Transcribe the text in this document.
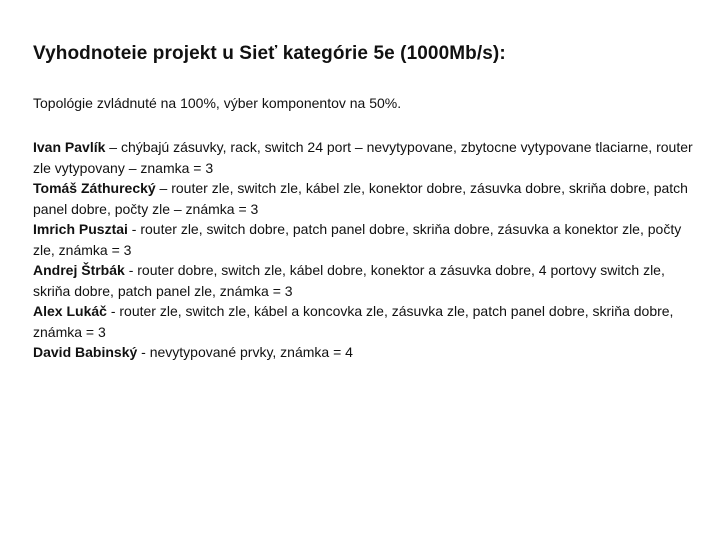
Vyhodnoteie projekt u Sieť kategórie 5e (1000Mb/s):
Topológie zvládnuté na 100%, výber komponentov na 50%.

Ivan Pavlík – chýbajú zásuvky, rack, switch 24 port – nevytypovane, zbytocne vytypovane tlaciarne, router zle vytypovany – znamka = 3

Tomáš Záthurecký – router zle, switch zle, kábel zle, konektor dobre, zásuvka dobre, skriňa dobre, patch panel dobre, počty zle – známka = 3

Imrich Pusztai - router zle, switch dobre, patch panel dobre, skriňa dobre, zásuvka a konektor zle, počty zle, známka = 3

Andrej Štrbák - router dobre, switch zle, kábel dobre, konektor a zásuvka dobre, 4 portovy switch zle, skriňa dobre, patch panel zle, známka = 3

Alex Lukáč - router zle, switch zle, kábel a koncovka zle, zásuvka zle, patch panel dobre, skriňa dobre, známka = 3

David Babinský - nevytypované prvky, známka = 4
